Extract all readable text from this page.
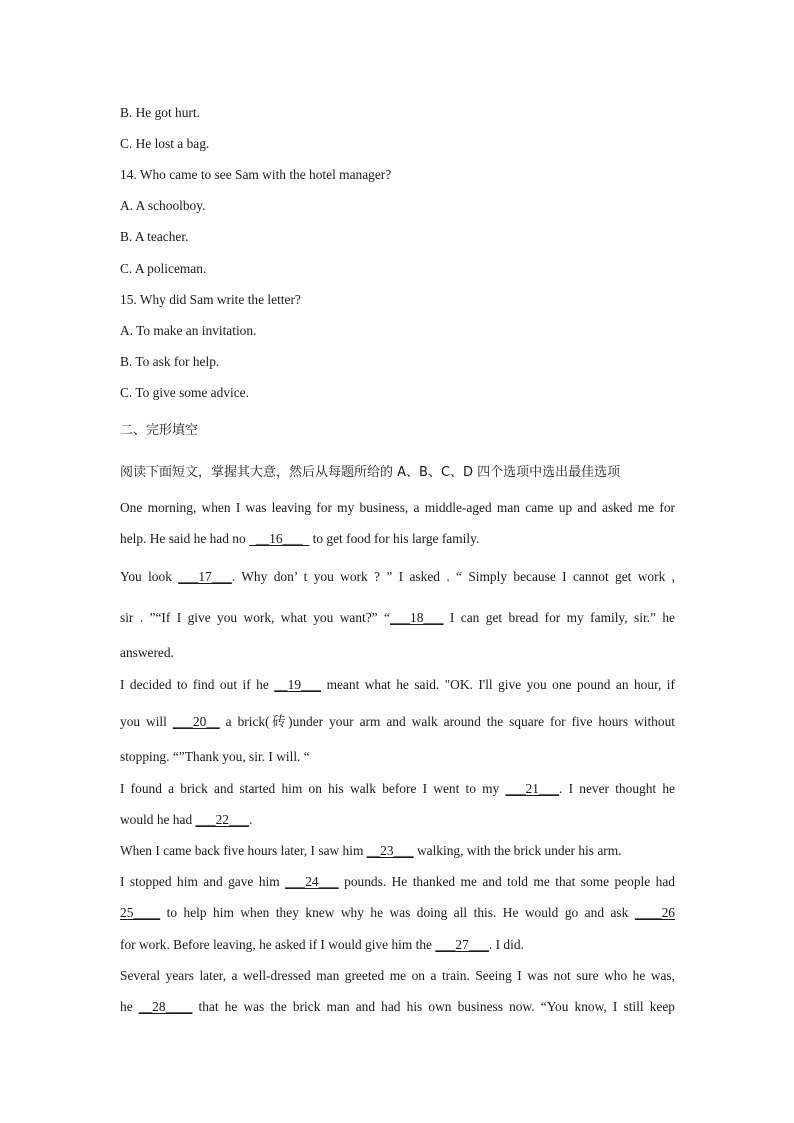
B. He got hurt.
C. He lost a bag.
14. Who came to see Sam with the hotel manager?
A. A schoolboy.
B. A teacher.
C. A policeman.
15. Why did Sam write the letter?
A. To make an invitation.
B. To ask for help.
C. To give some advice.
二、完形填空
阅读下面短文，掌握其大意，然后从每题所给的 A、B、C、D 四个选项中选出最佳选项
One morning, when I was leaving for my business, a middle-aged man came up and asked me for
help. He said he had no   __16___   to get food for his large family.
You look ___17___. Why don’ t you work ? ” I asked . “ Simply because I cannot get work ,
sir . ”“If I give you work, what you want?” “___18___ I can get bread for my family, sir.” he
answered.
I decided to find out if he __19___ meant what he said. "OK. I'll give you one pound an hour, if
you will ___20__ a brick(砖)under your arm and walk around the square for five hours without
stopping. “”Thank you, sir. I will. “
I found a brick and started him on his walk before I went to my ___21___. I never thought he
would he had ___22___.
When I came back five hours later, I saw him __23___ walking, with the brick under his arm.
I stopped him and gave him ___24___ pounds. He thanked me and told me that some people had
25____ to help him when they knew why he was doing all this. He would go and ask ____26
for work. Before leaving, he asked if I would give him the ___27___. I did.
Several years later, a well-dressed man greeted me on a train. Seeing I was not sure who he was,
he __28____ that he was the brick man and had his own business now. “You know, I still keep
